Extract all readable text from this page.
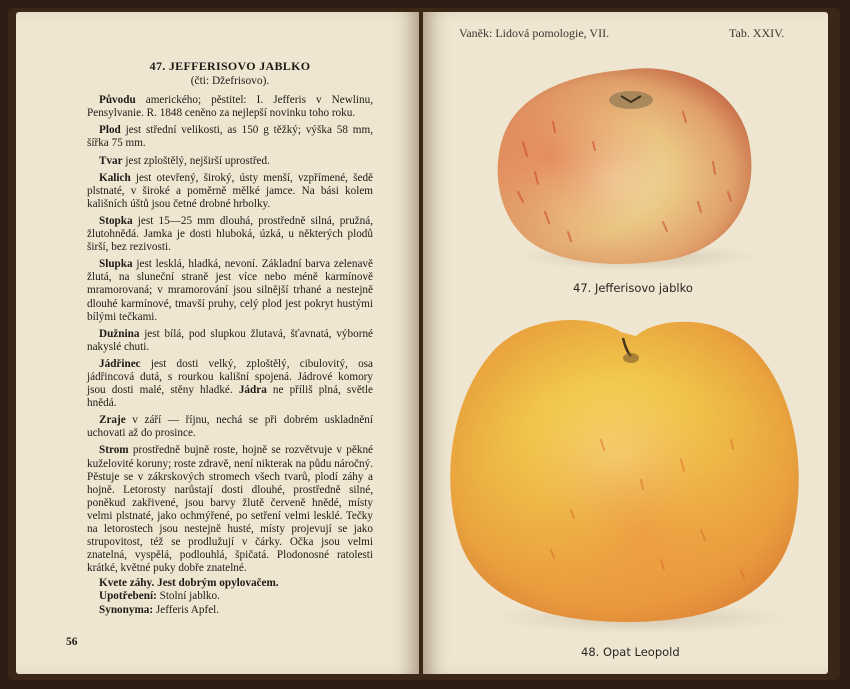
47. JEFFERISOVO JABLKO
(čti: Džefrisovo).

Původu amerického; pěstitel: I. Jefferis v Newlinu, Pensylvanie. R. 1848 ceněno za nejlepší novinku toho roku.

Plod jest střední velikosti, as 150 g těžký; výška 58 mm, šířka 75 mm.

Tvar jest zploštělý, nejširší uprostřed.

Kalich jest otevřený, široký, ústy menší, vzpřímené, šedě plstnaté, v široké a poměrně mělké jamce. Na bási kolem kališních úštů jsou četné drobné hrbolky.

Stopka jest 15—25 mm dlouhá, prostředně silná, pružná, žlutohnědá. Jamka je dosti hluboká, úzká, u některých plodů širší, bez rezivosti.

Slupka jest lesklá, hladká, nevoní. Základní barva zelenavě žlutá, na sluneční straně jest více nebo méně karmínově mramorovaná; v mramorování jsou silnější trhané a nestejně dlouhé karmínové, tmavší pruhy, celý plod jest pokryt hustými bílými tečkami.

Dužnina jest bílá, pod slupkou žlutavá, šťavnatá, výborné nakyslé chuti.

Jádřinec jest dosti velký, zploštělý, cibulovitý, osa jádřincová dutá, s rourkou kališní spojená. Jádrové komory jsou dosti malé, stěny hladké. Jádra ne příliš plná, světle hnědá.

Zraje v září — říjnu, nechá se při dobrém uskladnění uchovati až do prosince.

Strom prostředně bujně roste, hojně se rozvětvuje v pěkné kuželovité koruny; roste zdravě, není nikterak na půdu náročný. Pěstuje se v zákrskových stromech všech tvarů, plodí záhy a hojně. Letorosty narůstají dosti dlouhé, prostředně silné, poněkud zakřivené, jsou barvy žlutě červeně hnědé, místy velmi plstnaté, jako ochmýřené, po setření velmi lesklé. Tečky na letorostech jsou nestejně husté, místy projevují se jako strupovitost, též se prodlužují v čárky. Očka jsou velmi znatelná, vyspělá, podlouhlá, špičatá. Plodonosné ratolesti krátké, květné puky dobře znatelné.

Kvete záhy. Jest dobrým opylovačem.
Upotřebení: Stolní jablko.
Synonyma: Jefferis Apfel.
56
Vaněk: Lidová pomologie, VII.	Tab. XXIV.
47. Jefferisovo jablko
48. Opat Leopold
